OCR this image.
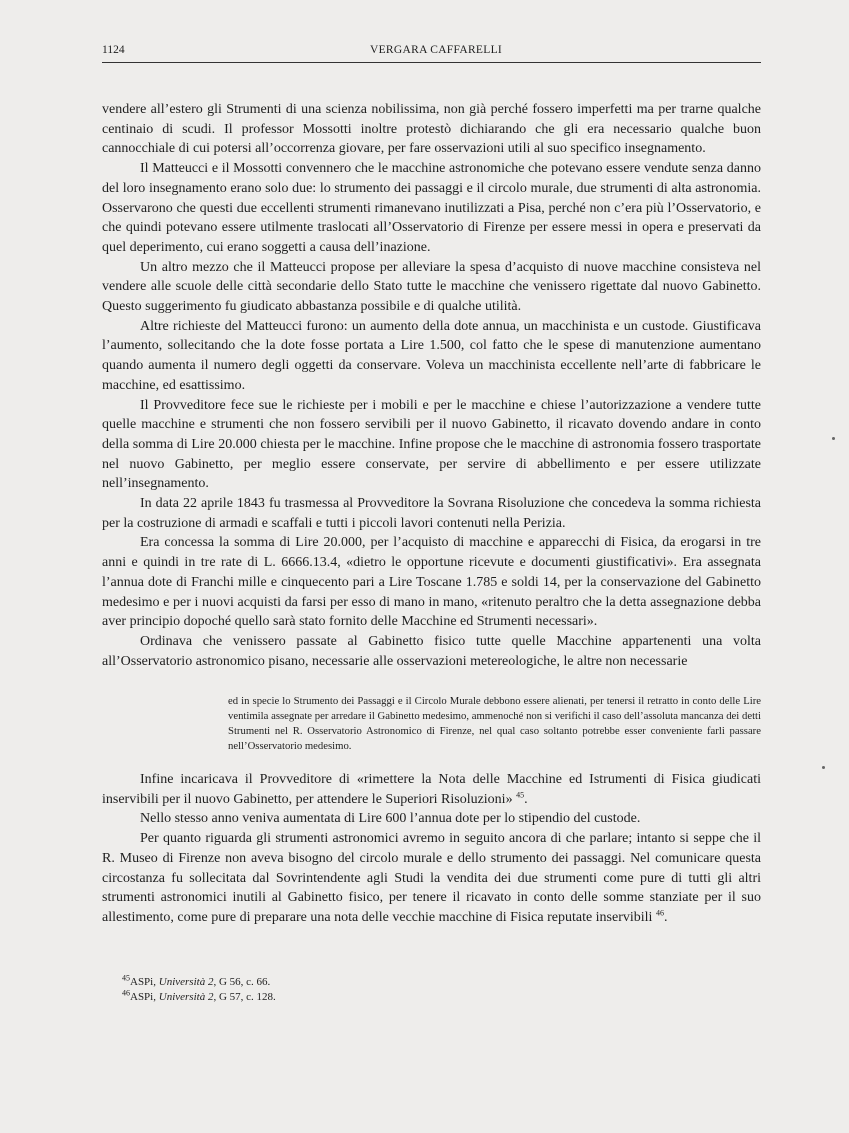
1124	VERGARA CAFFARELLI

vendere all’estero gli Strumenti di una scienza nobilissima, non già perché fossero imperfetti ma per trarne qualche centinaio di scudi. Il professor Mossotti inoltre protestò dichiarando che gli era necessario qualche buon cannocchiale di cui potersi all’occorrenza giovare, per fare osservazioni utili al suo specifico insegnamento.

Il Matteucci e il Mossotti convennero che le macchine astronomiche che potevano essere vendute senza danno del loro insegnamento erano solo due: lo strumento dei passaggi e il circolo murale, due strumenti di alta astronomia. Osservarono che questi due eccellenti strumenti rimanevano inutilizzati a Pisa, perché non c’era più l’Osservatorio, e che quindi potevano essere utilmente traslocati all’Osservatorio di Firenze per essere messi in opera e preservati da quel deperimento, cui erano soggetti a causa dell’inazione.

Un altro mezzo che il Matteucci propose per alleviare la spesa d’acquisto di nuove macchine consisteva nel vendere alle scuole delle città secondarie dello Stato tutte le macchine che venissero rigettate dal nuovo Gabinetto. Questo suggerimento fu giudicato abbastanza possibile e di qualche utilità.

Altre richieste del Matteucci furono: un aumento della dote annua, un macchinista e un custode. Giustificava l’aumento, sollecitando che la dote fosse portata a Lire 1.500, col fatto che le spese di manutenzione aumentano quando aumenta il numero degli oggetti da conservare. Voleva un macchinista eccellente nell’arte di fabbricare le macchine, ed esattissimo.

Il Provveditore fece sue le richieste per i mobili e per le macchine e chiese l’autorizzazione a vendere tutte quelle macchine e strumenti che non fossero servibili per il nuovo Gabinetto, il ricavato dovendo andare in conto della somma di Lire 20.000 chiesta per le macchine. Infine propose che le macchine di astronomia fossero trasportate nel nuovo Gabinetto, per meglio essere conservate, per servire di abbellimento e per essere utilizzate nell’insegnamento.

In data 22 aprile 1843 fu trasmessa al Provveditore la Sovrana Risoluzione che concedeva la somma richiesta per la costruzione di armadi e scaffali e tutti i piccoli lavori contenuti nella Perizia.

Era concessa la somma di Lire 20.000, per l’acquisto di macchine e apparecchi di Fisica, da erogarsi in tre anni e quindi in tre rate di L. 6666.13.4, «dietro le opportune ricevute e documenti giustificativi». Era assegnata l’annua dote di Franchi mille e cinquecento pari a Lire Toscane 1.785 e soldi 14, per la conservazione del Gabinetto medesimo e per i nuovi acquisti da farsi per esso di mano in mano, «ritenuto peraltro che la detta assegnazione debba aver principio dopoché quello sarà stato fornito delle Macchine ed Strumenti necessari».

Ordinava che venissero passate al Gabinetto fisico tutte quelle Macchine appartenenti una volta all’Osservatorio astronomico pisano, necessarie alle osservazioni metereologiche, le altre non necessarie

ed in specie lo Strumento dei Passaggi e il Circolo Murale debbono essere alienati, per tenersi il retratto in conto delle Lire ventimila assegnate per arredare il Gabinetto medesimo, ammenoché non si verifichi il caso dell’assoluta mancanza dei detti Strumenti nel R. Osservatorio Astronomico di Firenze, nel qual caso soltanto potrebbe esser conveniente farli passare nell’Osservatorio medesimo.

Infine incaricava il Provveditore di «rimettere la Nota delle Macchine ed Istrumenti di Fisica giudicati inservibili per il nuovo Gabinetto, per attendere le Superiori Risoluzioni» $^{45}$.

Nello stesso anno veniva aumentata di Lire 600 l’annua dote per lo stipendio del custode.

Per quanto riguarda gli strumenti astronomici avremo in seguito ancora di che parlare; intanto si seppe che il R. Museo di Firenze non aveva bisogno del circolo murale e dello strumento dei passaggi. Nel comunicare questa circostanza fu sollecitata dal Sovrintendente agli Studi la vendita dei due strumenti come pure di tutti gli altri strumenti astronomici inutili al Gabinetto fisico, per tenere il ricavato in conto delle somme stanziate per il suo allestimento, come pure di preparare una nota delle vecchie macchine di Fisica reputate inservibili $^{46}$.

$^{45}$ASPi, Università 2, G 56, c. 66.
$^{46}$ASPi, Università 2, G 57, c. 128.
